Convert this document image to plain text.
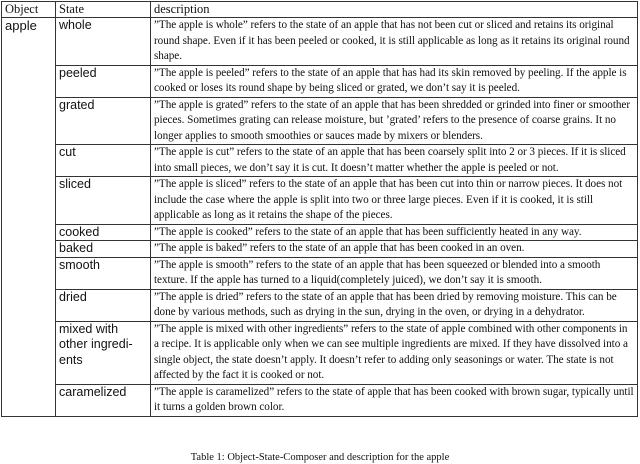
Object	State	description
apple	whole	”The apple is whole” refers to the state of an apple that has not been cut or sliced and retains its original round shape. Even if it has been peeled or cooked, it is still applicable as long as it retains its original round shape.
	peeled	”The apple is peeled” refers to the state of an apple that has had its skin removed by peeling. If the apple is cooked or loses its round shape by being sliced or grated, we don’t say it is peeled.
	grated	”The apple is grated” refers to the state of an apple that has been shredded or grinded into finer or smoother pieces. Sometimes grating can release moisture, but ’grated’ refers to the presence of coarse grains. It no longer applies to smooth smoothies or sauces made by mixers or blenders.
	cut	”The apple is cut” refers to the state of an apple that has been coarsely split into 2 or 3 pieces. If it is sliced into small pieces, we don’t say it is cut. It doesn’t matter whether the apple is peeled or not.
	sliced	”The apple is sliced” refers to the state of an apple that has been cut into thin or narrow pieces. It does not include the case where the apple is split into two or three large pieces. Even if it is cooked, it is still applicable as long as it retains the shape of the pieces.
	cooked	”The apple is cooked” refers to the state of an apple that has been sufficiently heated in any way.
	baked	”The apple is baked” refers to the state of an apple that has been cooked in an oven.
	smooth	”The apple is smooth” refers to the state of an apple that has been squeezed or blended into a smooth texture. If the apple has turned to a liquid(completely juiced), we don’t say it is smooth.
	dried	”The apple is dried” refers to the state of an apple that has been dried by removing moisture. This can be done by various methods, such as drying in the sun, drying in the oven, or drying in a dehydrator.
	mixed with other ingredi-ents	”The apple is mixed with other ingredients” refers to the state of apple combined with other components in a recipe. It is applicable only when we can see multiple ingredients are mixed. If they have dissolved into a single object, the state doesn’t apply. It doesn’t refer to adding only seasonings or water. The state is not affected by the fact it is cooked or not.
	caramelized	”The apple is caramelized” refers to the state of apple that has been cooked with brown sugar, typically until it turns a golden brown color.
Table 1: Object-State-Composer and description for the apple
